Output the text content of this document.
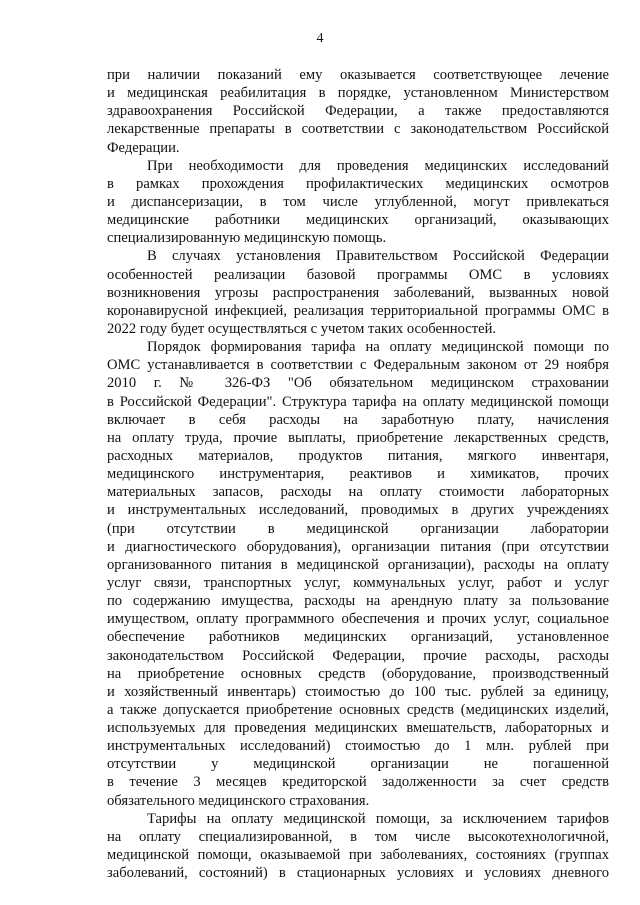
4
при наличии показаний ему оказывается соответствующее лечение
и медицинская реабилитация в порядке, установленном Министерством
здравоохранения Российской Федерации, а также предоставляются
лекарственные препараты в соответствии с законодательством Российской
Федерации.
При необходимости для проведения медицинских исследований
в рамках прохождения профилактических медицинских осмотров
и диспансеризации, в том числе углубленной, могут привлекаться
медицинские работники медицинских организаций, оказывающих
специализированную медицинскую помощь.
В случаях установления Правительством Российской Федерации
особенностей реализации базовой программы ОМС в условиях
возникновения угрозы распространения заболеваний, вызванных новой
коронавирусной инфекцией, реализация территориальной программы ОМС в
2022 году будет осуществляться с учетом таких особенностей.
Порядок формирования тарифа на оплату медицинской помощи по
ОМС устанавливается в соответствии с Федеральным законом от 29 ноября
2010 г. № 326-ФЗ "Об обязательном медицинском страховании
в Российской Федерации". Структура тарифа на оплату медицинской помощи
включает в себя расходы на заработную плату, начисления
на оплату труда, прочие выплаты, приобретение лекарственных средств,
расходных материалов, продуктов питания, мягкого инвентаря,
медицинского инструментария, реактивов и химикатов, прочих
материальных запасов, расходы на оплату стоимости лабораторных
и инструментальных исследований, проводимых в других учреждениях
(при отсутствии в медицинской организации лаборатории
и диагностического оборудования), организации питания (при отсутствии
организованного питания в медицинской организации), расходы на оплату
услуг связи, транспортных услуг, коммунальных услуг, работ и услуг
по содержанию имущества, расходы на арендную плату за пользование
имуществом, оплату программного обеспечения и прочих услуг, социальное
обеспечение работников медицинских организаций, установленное
законодательством Российской Федерации, прочие расходы, расходы
на приобретение основных средств (оборудование, производственный
и хозяйственный инвентарь) стоимостью до 100 тыс. рублей за единицу,
а также допускается приобретение основных средств (медицинских изделий,
используемых для проведения медицинских вмешательств, лабораторных и
инструментальных исследований) стоимостью до 1 млн. рублей при
отсутствии у медицинской организации не погашенной
в течение 3 месяцев кредиторской задолженности за счет средств
обязательного медицинского страхования.
Тарифы на оплату медицинской помощи, за исключением тарифов
на оплату специализированной, в том числе высокотехнологичной,
медицинской помощи, оказываемой при заболеваниях, состояниях (группах
заболеваний, состояний) в стационарных условиях и условиях дневного
